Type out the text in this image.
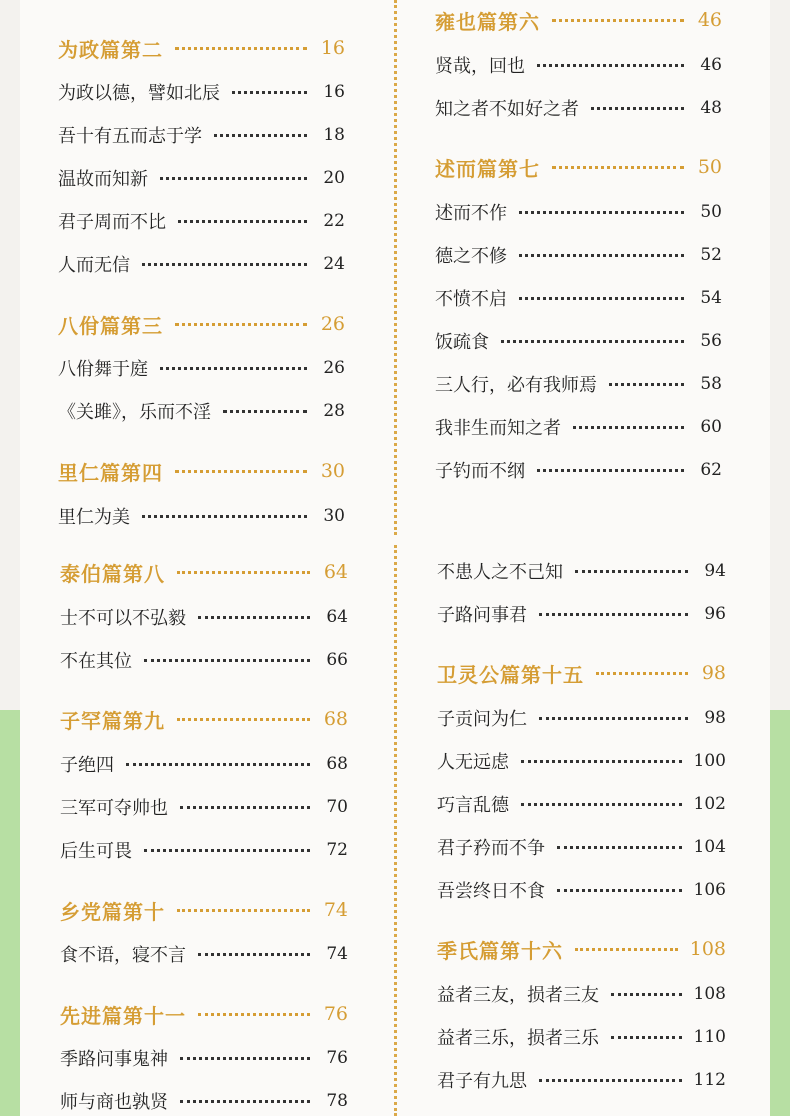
为政篇第二	16
为政以德，譬如北辰	16
吾十有五而志于学	18
温故而知新	20
君子周而不比	22
人而无信	24
八佾篇第三	26
八佾舞于庭	26
《关雎》，乐而不淫	28
里仁篇第四	30
里仁为美	30
雍也篇第六	46
贤哉，回也	46
知之者不如好之者	48
述而篇第七	50
述而不作	50
德之不修	52
不愤不启	54
饭疏食	56
三人行，必有我师焉	58
我非生而知之者	60
子钓而不纲	62
泰伯篇第八	64
士不可以不弘毅	64
不在其位	66
子罕篇第九	68
子绝四	68
三军可夺帅也	70
后生可畏	72
乡党篇第十	74
食不语，寝不言	74
先进篇第十一	76
季路问事鬼神	76
师与商也孰贤	78
不患人之不己知	94
子路问事君	96
卫灵公篇第十五	98
子贡问为仁	98
人无远虑	100
巧言乱德	102
君子矜而不争	104
吾尝终日不食	106
季氏篇第十六	108
益者三友，损者三友	108
益者三乐，损者三乐	110
君子有九思	112
